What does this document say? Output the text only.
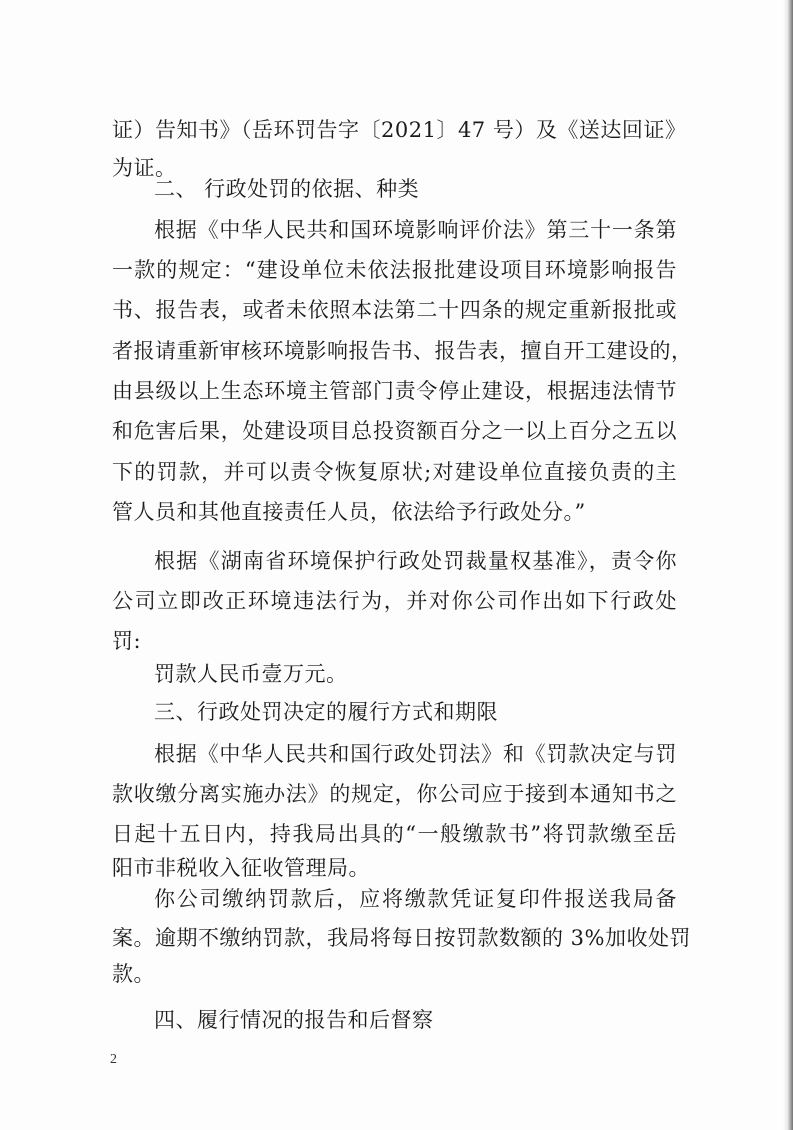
证）告知书》（岳环罚告字〔2021〕47 号）及《送达回证》
为证。
二、 行政处罚的依据、种类
根据《中华人民共和国环境影响评价法》第三十一条第
一款的规定：“建设单位未依法报批建设项目环境影响报告
书、报告表，或者未依照本法第二十四条的规定重新报批或
者报请重新审核环境影响报告书、报告表，擅自开工建设的，
由县级以上生态环境主管部门责令停止建设，根据违法情节
和危害后果，处建设项目总投资额百分之一以上百分之五以
下的罚款，并可以责令恢复原状;对建设单位直接负责的主
管人员和其他直接责任人员，依法给予行政处分。”
根据《湖南省环境保护行政处罚裁量权基准》，责令你
公司立即改正环境违法行为，并对你公司作出如下行政处
罚:
罚款人民币壹万元。
三、行政处罚决定的履行方式和期限
根据《中华人民共和国行政处罚法》和《罚款决定与罚
款收缴分离实施办法》的规定，你公司应于接到本通知书之
日起十五日内，持我局出具的“一般缴款书”将罚款缴至岳
阳市非税收入征收管理局。
你公司缴纳罚款后，应将缴款凭证复印件报送我局备
案。逾期不缴纳罚款，我局将每日按罚款数额的 3%加收处罚
款。
四、履行情况的报告和后督察
2
